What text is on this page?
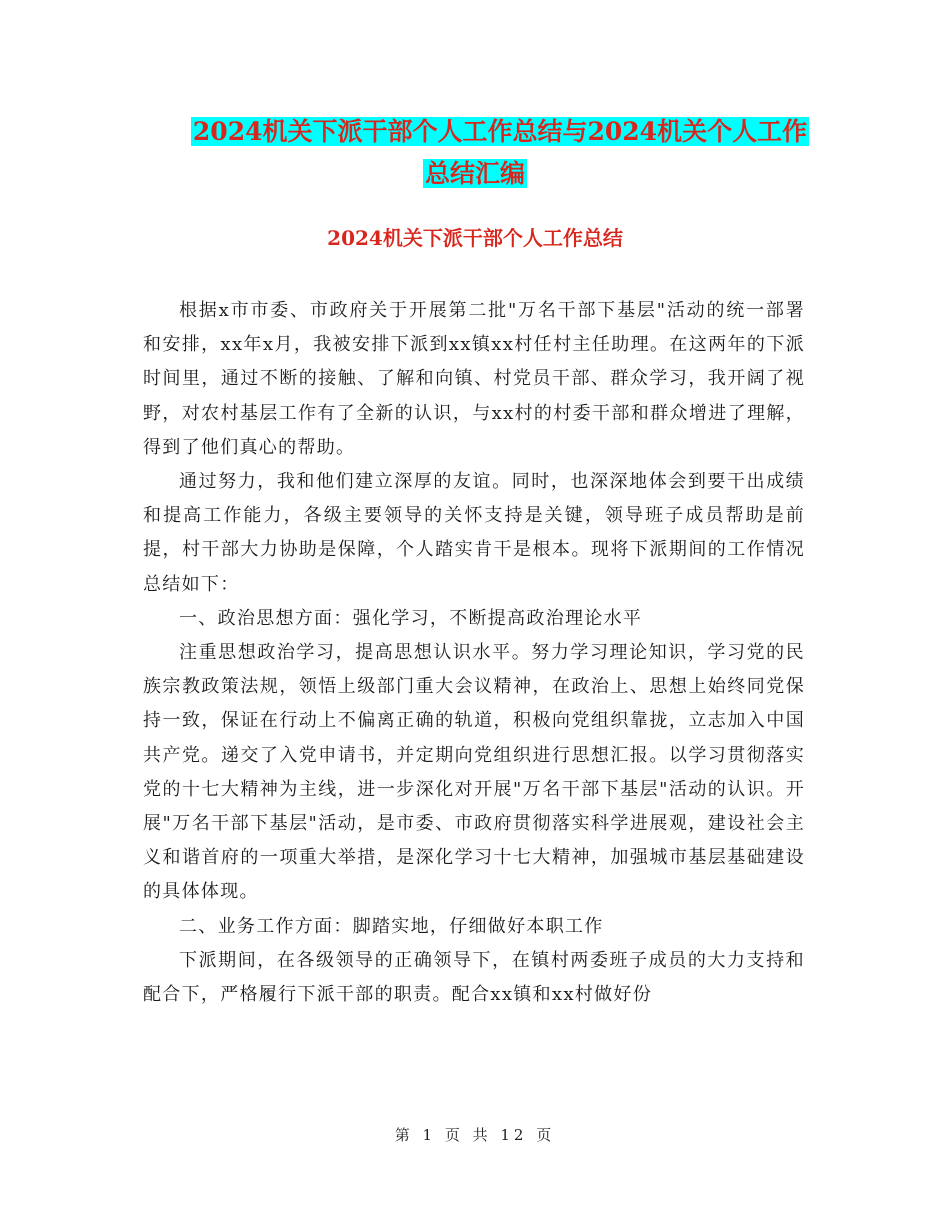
2024机关下派干部个人工作总结与2024机关个人工作
总结汇编
2024机关下派干部个人工作总结

根据x市市委、市政府关于开展第二批"万名干部下基层"活动的统一部署和安排，xx年x月，我被安排下派到xx镇xx村任村主任助理。在这两年的下派时间里，通过不断的接触、了解和向镇、村党员干部、群众学习，我开阔了视野，对农村基层工作有了全新的认识，与xx村的村委干部和群众增进了理解，得到了他们真心的帮助。

通过努力，我和他们建立深厚的友谊。同时，也深深地体会到要干出成绩和提高工作能力，各级主要领导的关怀支持是关键，领导班子成员帮助是前提，村干部大力协助是保障，个人踏实肯干是根本。现将下派期间的工作情况总结如下：

一、政治思想方面：强化学习，不断提高政治理论水平

注重思想政治学习，提高思想认识水平。努力学习理论知识，学习党的民族宗教政策法规，领悟上级部门重大会议精神，在政治上、思想上始终同党保持一致，保证在行动上不偏离正确的轨道，积极向党组织靠拢，立志加入中国共产党。递交了入党申请书，并定期向党组织进行思想汇报。以学习贯彻落实党的十七大精神为主线，进一步深化对开展"万名干部下基层"活动的认识。开展"万名干部下基层"活动，是市委、市政府贯彻落实科学进展观，建设社会主义和谐首府的一项重大举措，是深化学习十七大精神，加强城市基层基础建设的具体体现。

二、业务工作方面：脚踏实地，仔细做好本职工作

下派期间，在各级领导的正确领导下，在镇村两委班子成员的大力支持和配合下，严格履行下派干部的职责。配合xx镇和xx村做好份

第 1 页 共 12 页
